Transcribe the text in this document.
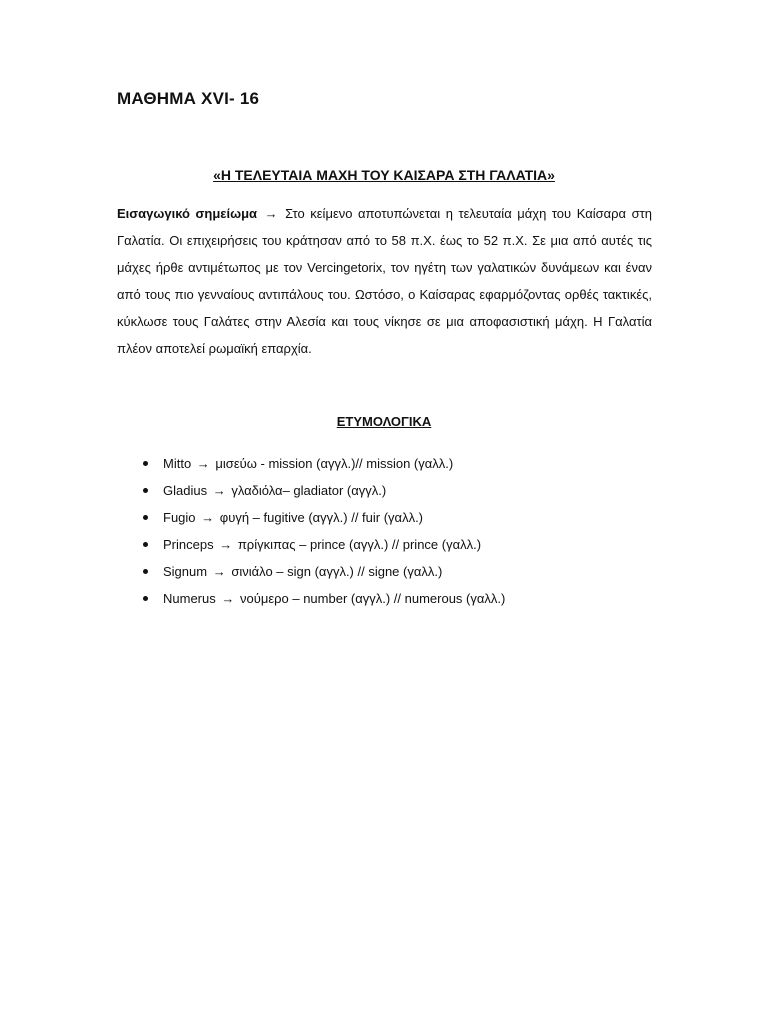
ΜΑΘΗΜΑ XVI- 16
«Η ΤΕΛΕΥΤΑΙΑ ΜΑΧΗ ΤΟΥ ΚΑΙΣΑΡΑ ΣΤΗ ΓΑΛΑΤΙΑ»

Εισαγωγικό σημείωμα → Στο κείμενο αποτυπώνεται η τελευταία μάχη του Καίσαρα στη Γαλατία. Οι επιχειρήσεις του κράτησαν από το 58 π.Χ. έως το 52 π.Χ. Σε μια από αυτές τις μάχες ήρθε αντιμέτωπος με τον Vercingetorix, τον ηγέτη των γαλατικών δυνάμεων και έναν από τους πιο γενναίους αντιπάλους του. Ωστόσο, ο Καίσαρας εφαρμόζοντας ορθές τακτικές, κύκλωσε τους Γαλάτες στην Αλεσία και τους νίκησε σε μια αποφασιστική μάχη. Η Γαλατία πλέον αποτελεί ρωμαϊκή επαρχία.

ΕΤΥΜΟΛΟΓΙΚΑ
Mitto → μισεύω - mission (αγγλ.)// mission (γαλλ.)
Gladius → γλαδιόλα– gladiator (αγγλ.)
Fugio → φυγή – fugitive (αγγλ.) // fuir (γαλλ.)
Princeps → πρίγκιπας – prince (αγγλ.) // prince (γαλλ.)
Signum → σινιάλο – sign (αγγλ.) // signe (γαλλ.)
Numerus → νούμερο – number (αγγλ.) // numerous (γαλλ.)
